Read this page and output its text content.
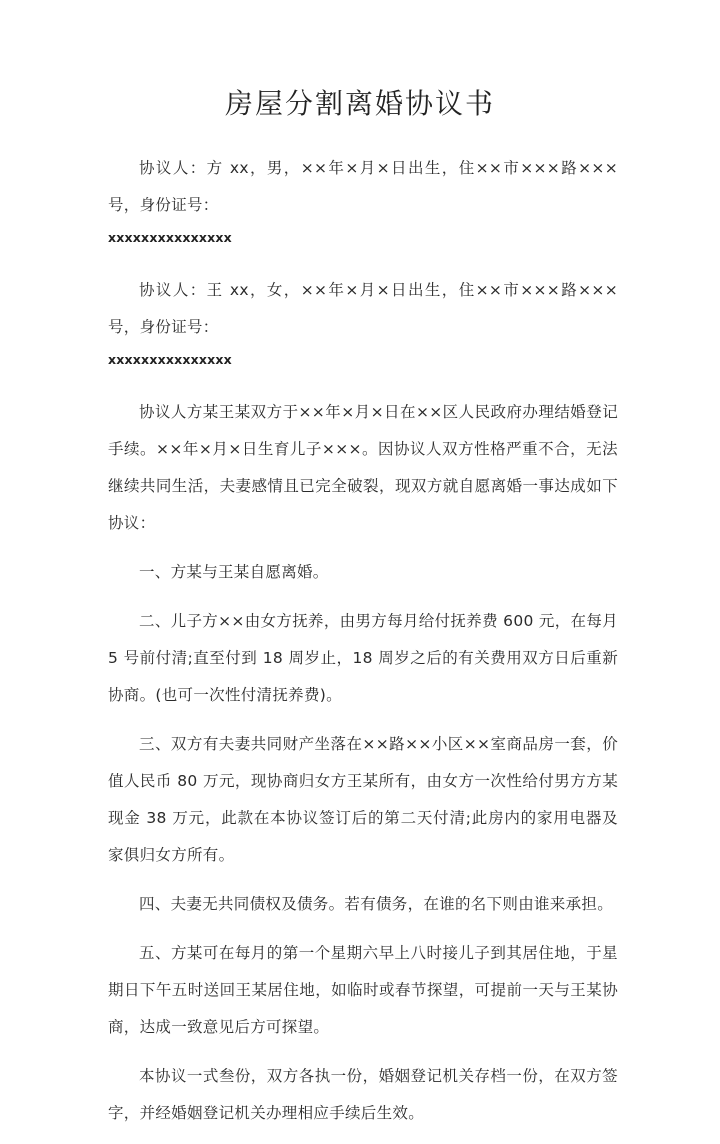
房屋分割离婚协议书

协议人：方 xx，男，××年×月×日出生，住××市×××路×××号，身份证号：

xxxxxxxxxxxxxxx

协议人：王 xx，女，××年×月×日出生，住××市×××路×××号，身份证号：

xxxxxxxxxxxxxxx

协议人方某王某双方于××年×月×日在××区人民政府办理结婚登记手续。××年×月×日生育儿子×××。因协议人双方性格严重不合，无法继续共同生活，夫妻感情且已完全破裂，现双方就自愿离婚一事达成如下协议：

一、方某与王某自愿离婚。

二、儿子方××由女方抚养，由男方每月给付抚养费 600 元，在每月 5 号前付清;直至付到 18 周岁止，18 周岁之后的有关费用双方日后重新协商。(也可一次性付清抚养费)。

三、双方有夫妻共同财产坐落在××路××小区××室商品房一套，价值人民币 80 万元，现协商归女方王某所有，由女方一次性给付男方方某现金 38 万元，此款在本协议签订后的第二天付清;此房内的家用电器及家俱归女方所有。

四、夫妻无共同债权及债务。若有债务，在谁的名下则由谁来承担。

五、方某可在每月的第一个星期六早上八时接儿子到其居住地，于星期日下午五时送回王某居住地，如临时或春节探望，可提前一天与王某协商，达成一致意见后方可探望。

本协议一式叁份，双方各执一份，婚姻登记机关存档一份，在双方签字，并经婚姻登记机关办理相应手续后生效。
